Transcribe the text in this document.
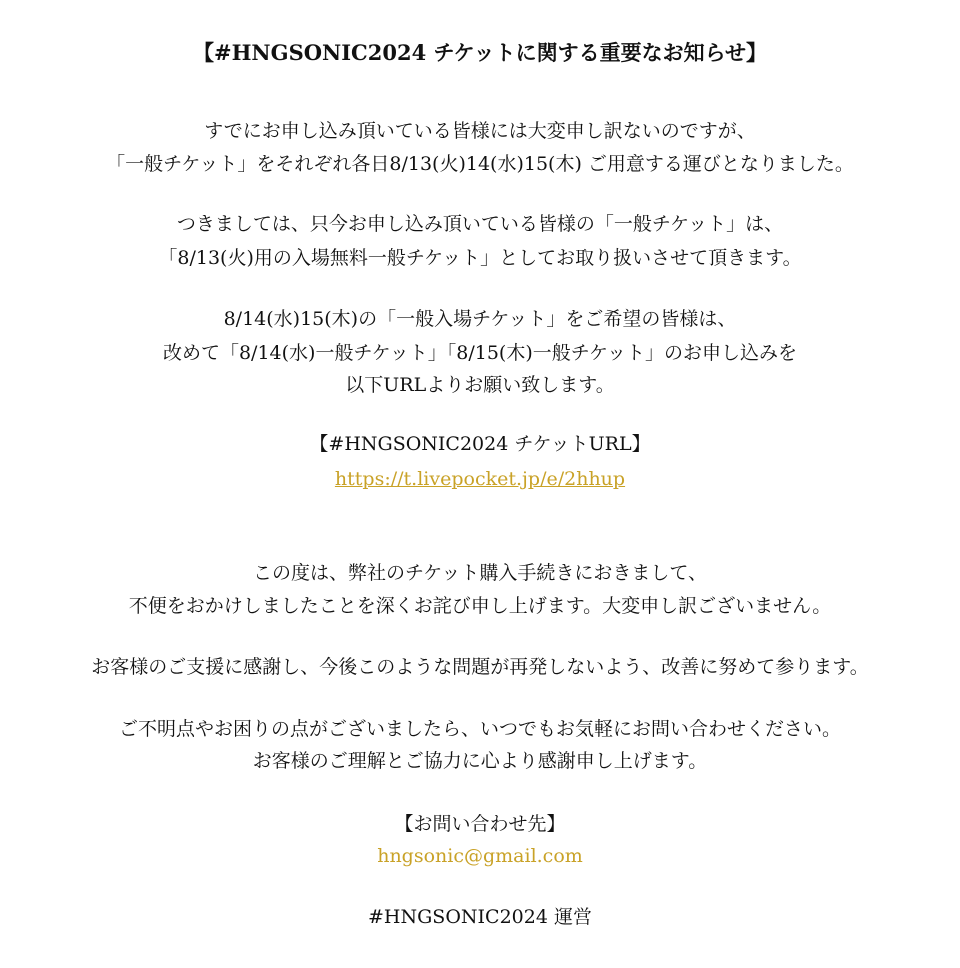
【#HNGSONIC2024 チケットに関する重要なお知らせ】
すでにお申し込み頂いている皆様には大変申し訳ないのですが、
「一般チケット」をそれぞれ各日8/13(火)14(水)15(木) ご用意する運びとなりました。
つきましては、只今お申し込み頂いている皆様の「一般チケット」は、
「8/13(火)用の入場無料一般チケット」としてお取り扱いさせて頂きます。
8/14(水)15(木)の「一般入場チケット」をご希望の皆様は、
改めて「8/14(水)一般チケット」「8/15(木)一般チケット」のお申し込みを
以下URLよりお願い致します。
【#HNGSONIC2024 チケットURL】
https://t.livepocket.jp/e/2hhup
この度は、弊社のチケット購入手続きにおきまして、
不便をおかけしましたことを深くお詫び申し上げます。大変申し訳ございません。
お客様のご支援に感謝し、今後このような問題が再発しないよう、改善に努めて参ります。
ご不明点やお困りの点がございましたら、いつでもお気軽にお問い合わせください。
お客様のご理解とご協力に心より感謝申し上げます。
【お問い合わせ先】
hngsonic@gmail.com
#HNGSONIC2024 運営
